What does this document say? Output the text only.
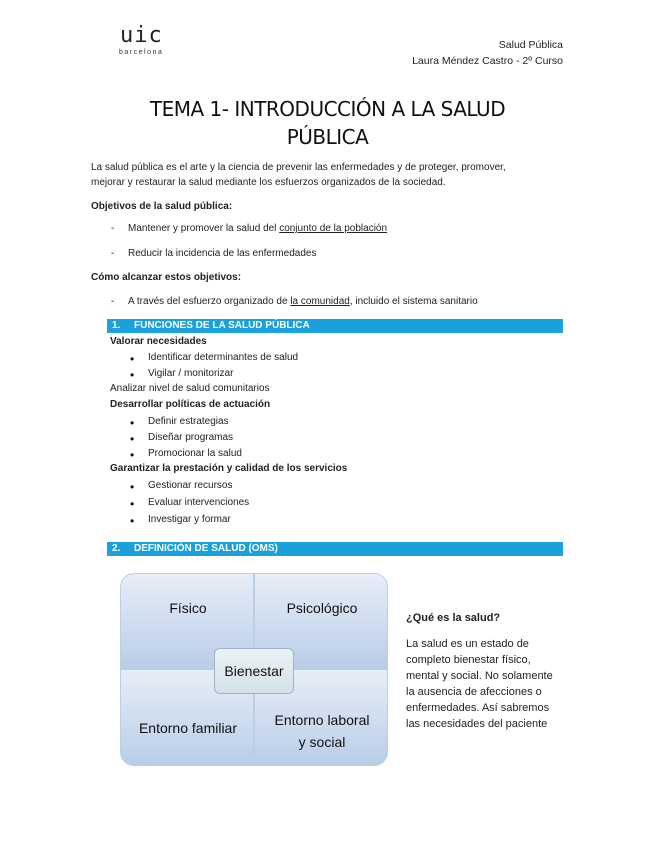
uic
barcelona
Salud Pública
Laura Méndez Castro - 2º Curso
TEMA 1- INTRODUCCIÓN A LA SALUD
PÚBLICA
La salud pública es el arte y la ciencia de prevenir las enfermedades y de proteger, promover,
mejorar y restaurar la salud mediante los esfuerzos organizados de la sociedad.
Objetivos de la salud pública:
- Mantener y promover la salud del conjunto de la población
- Reducir la incidencia de las enfermedades
Cómo alcanzar estos objetivos:
- A través del esfuerzo organizado de la comunidad, incluido el sistema sanitario
1. FUNCIONES DE LA SALUD PÚBLICA
Valorar necesidades
• Identificar determinantes de salud
• Vigilar / monitorizar
Analizar nivel de salud comunitarios
Desarrollar políticas de actuación
• Definir estrategias
• Diseñar programas
• Promocionar la salud
Garantizar la prestación y calidad de los servicios
• Gestionar recursos
• Evaluar intervenciones
• Investigar y formar
2. DEFINICIÓN DE SALUD (OMS)
Físico	Psicológico
Entorno familiar	Entorno laboral
y social
Bienestar
¿Qué es la salud?
La salud es un estado de
completo bienestar físico,
mental y social. No solamente
la ausencia de afecciones o
enfermedades. Así sabremos
las necesidades del paciente
